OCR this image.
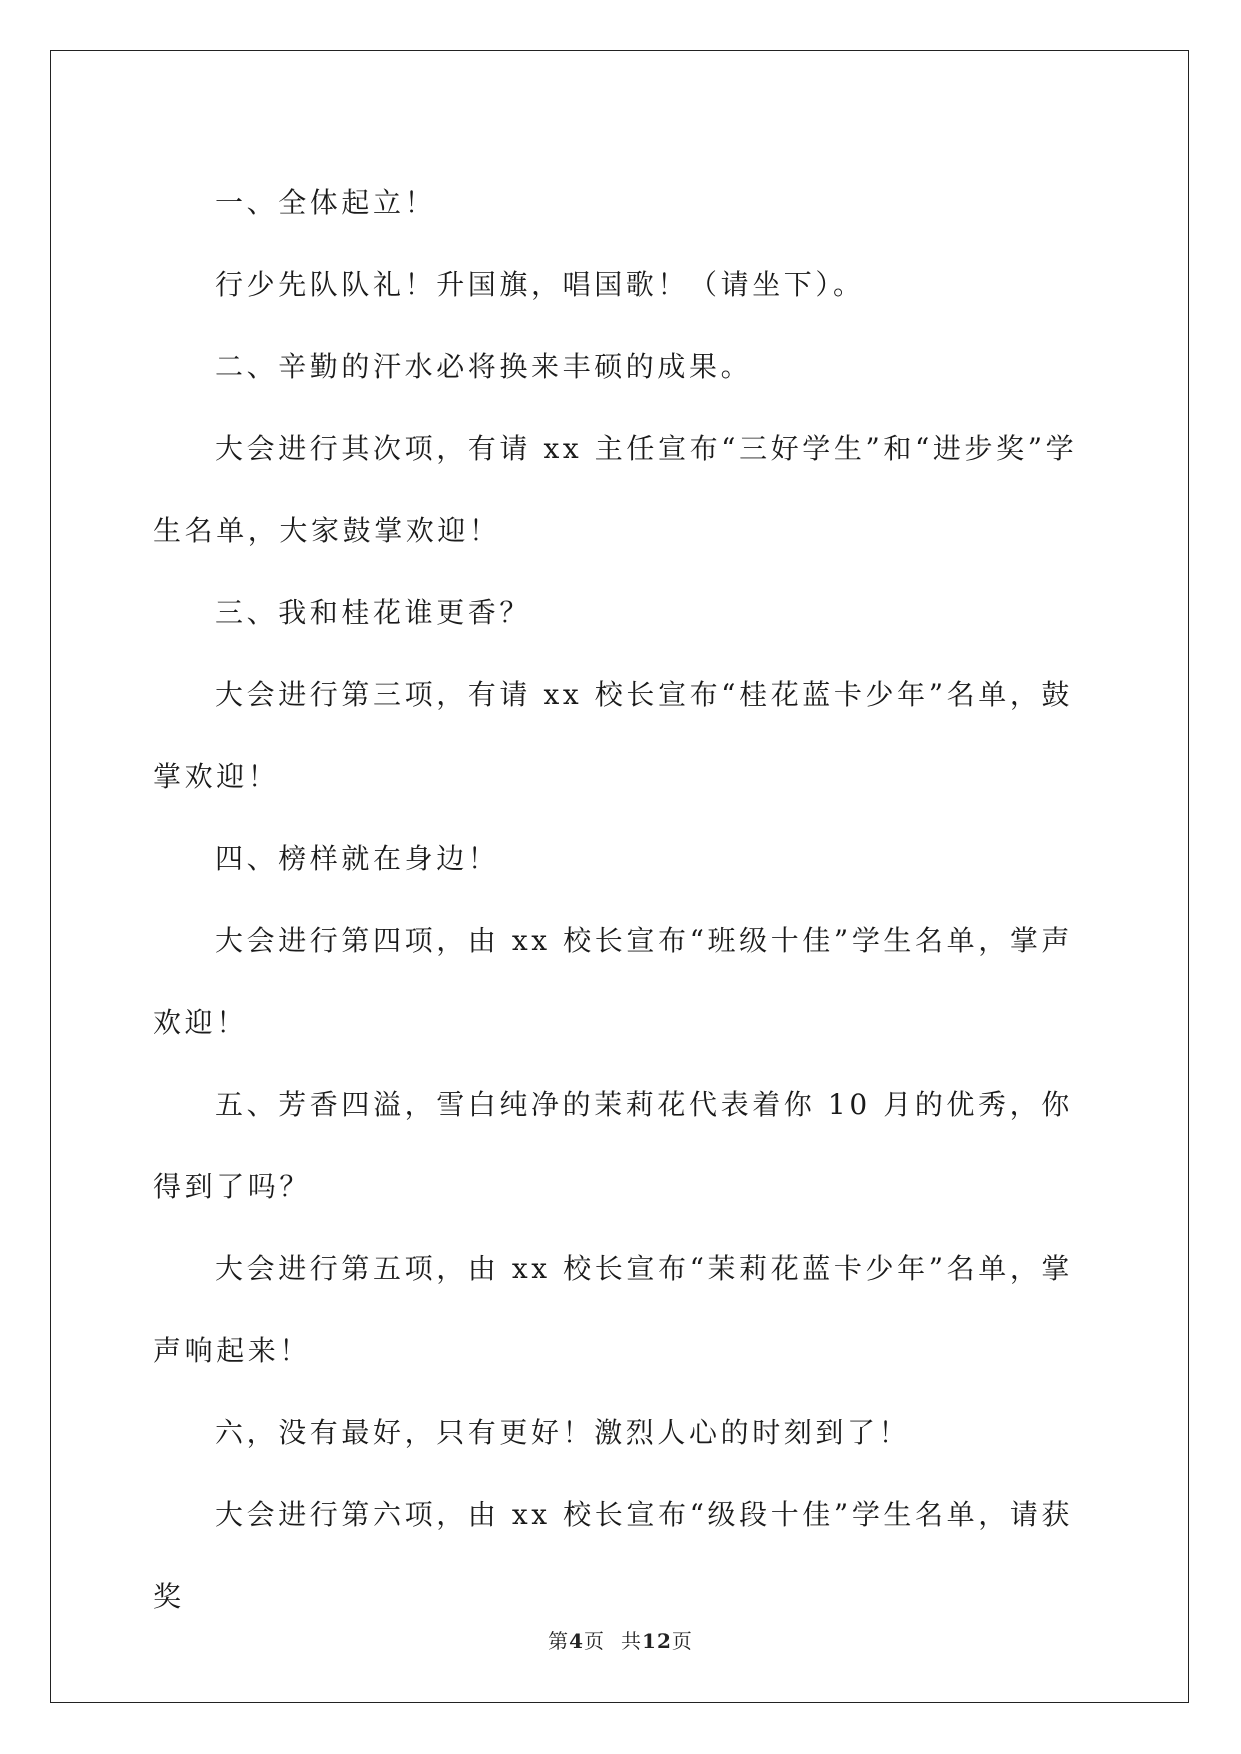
一、全体起立！

行少先队队礼！升国旗，唱国歌！（请坐下）。

二、辛勤的汗水必将换来丰硕的成果。

大会进行其次项，有请 xx 主任宣布“三好学生”和“进步奖”学生名单，大家鼓掌欢迎！

三、我和桂花谁更香？

大会进行第三项，有请 xx 校长宣布“桂花蓝卡少年”名单，鼓掌欢迎！

四、榜样就在身边！

大会进行第四项，由 xx 校长宣布“班级十佳”学生名单，掌声欢迎！

五、芳香四溢，雪白纯净的茉莉花代表着你 10 月的优秀，你得到了吗？

大会进行第五项，由 xx 校长宣布“茉莉花蓝卡少年”名单，掌声响起来！

六，没有最好，只有更好！激烈人心的时刻到了！

大会进行第六项，由 xx 校长宣布“级段十佳”学生名单，请获奖

第4页 共12页
